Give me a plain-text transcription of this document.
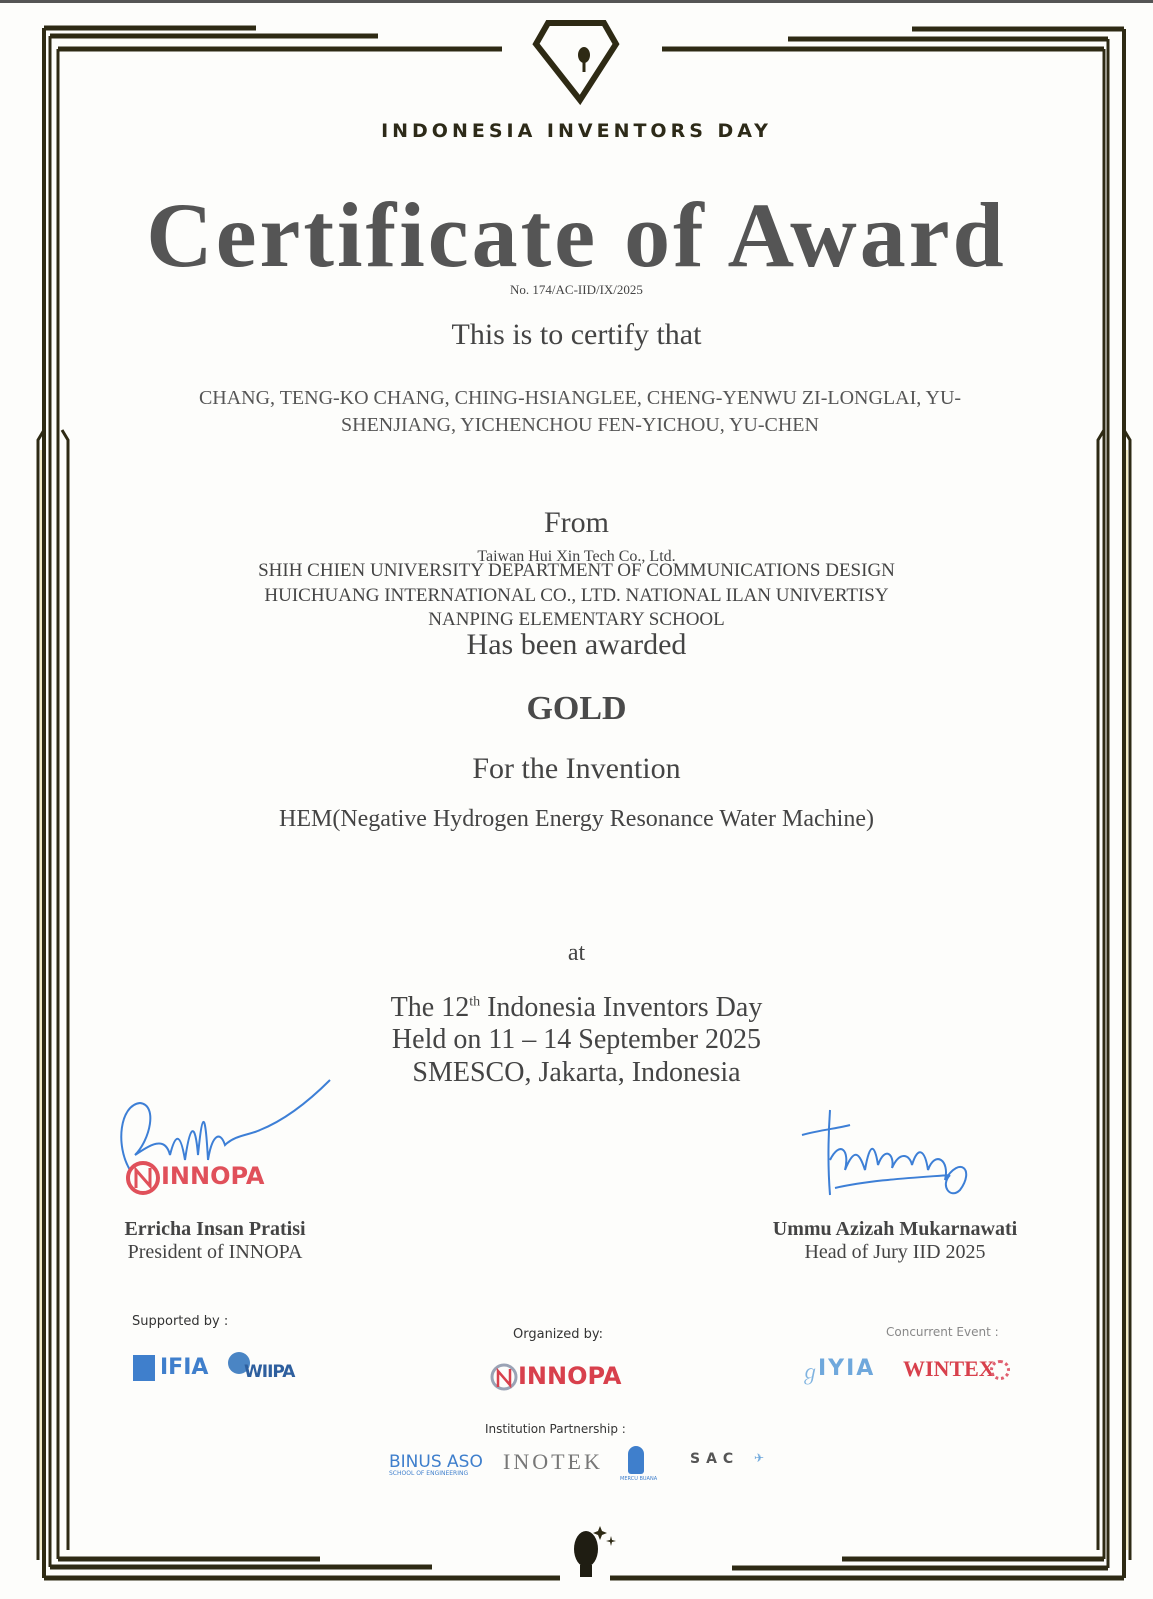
INDONESIA INVENTORS DAY
Certificate of Award
No. 174/AC-IID/IX/2025
This is to certify that
CHANG, TENG-KO CHANG, CHING-HSIANGLEE, CHENG-YENWU ZI-LONGLAI, YU-
SHENJIANG, YICHENCHOU FEN-YICHOU, YU-CHEN
From
Taiwan Hui Xin Tech Co., Ltd.
SHIH CHIEN UNIVERSITY DEPARTMENT OF COMMUNICATIONS DESIGN
HUICHUANG INTERNATIONAL CO., LTD. NATIONAL ILAN UNIVERTISY
NANPING ELEMENTARY SCHOOL
Has been awarded
GOLD
For the Invention
HEM(Negative Hydrogen Energy Resonance Water Machine)
at
The 12th Indonesia Inventors Day
Held on 11 – 14 September 2025
SMESCO, Jakarta, Indonesia
INNOPA
Erricha Insan Pratisi
President of INNOPA
Ummu Azizah Mukarnawati
Head of Jury IID 2025
Supported by :
IFIA WIIPA
Organized by:
INNOPA
Concurrent Event :
ℊ
IYIA WINTEX
Institution Partnership :
BINUS ASO
SCHOOL OF ENGINEERING INOTEK
MERCU BUANA
SAC ✈
